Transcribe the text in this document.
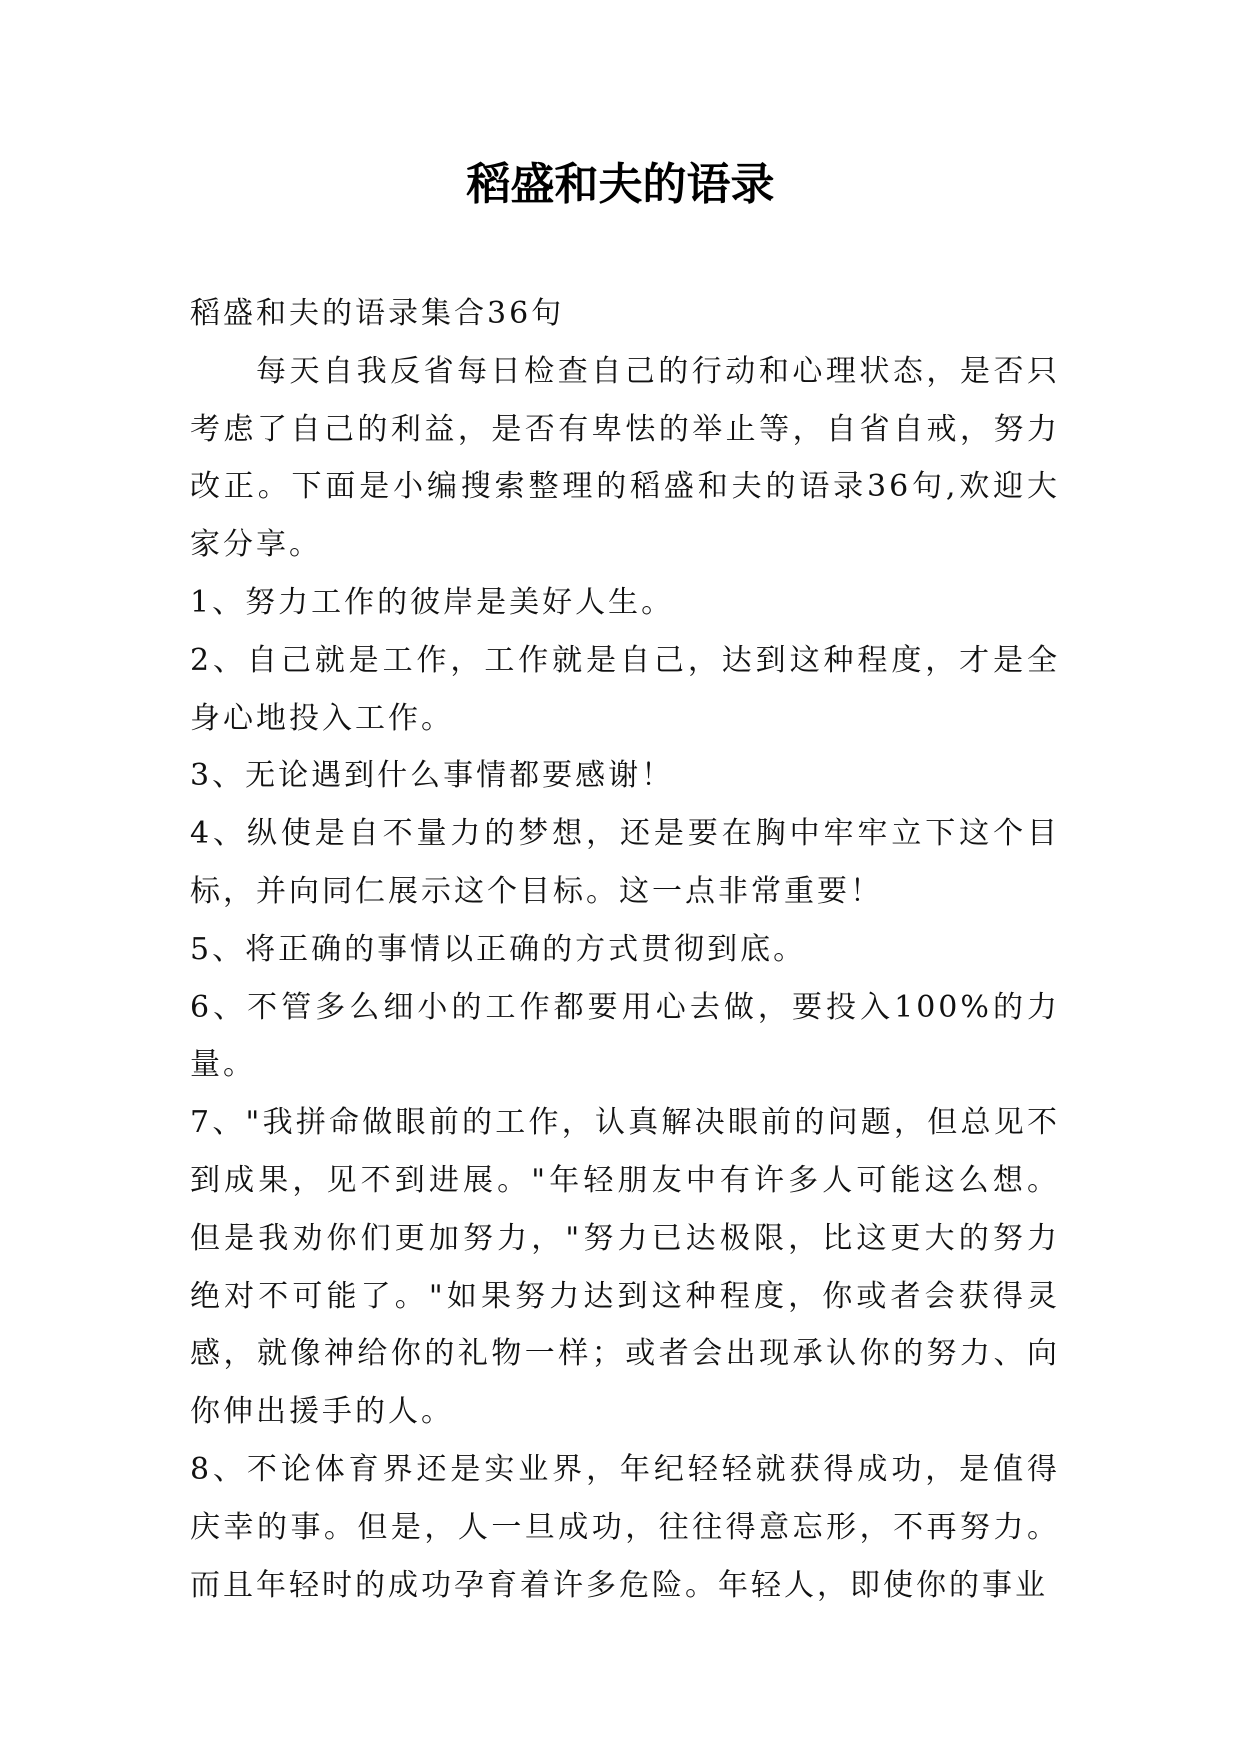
稻盛和夫的语录

稻盛和夫的语录集合36句

每天自我反省每日检查自己的行动和心理状态，是否只考虑了自己的利益，是否有卑怯的举止等，自省自戒，努力改正。下面是小编搜索整理的稻盛和夫的语录36句,欢迎大家分享。

1、努力工作的彼岸是美好人生。

2、自己就是工作，工作就是自己，达到这种程度，才是全身心地投入工作。

3、无论遇到什么事情都要感谢！

4、纵使是自不量力的梦想，还是要在胸中牢牢立下这个目标，并向同仁展示这个目标。这一点非常重要！

5、将正确的事情以正确的方式贯彻到底。

6、不管多么细小的工作都要用心去做，要投入100%的力量。

7、"我拼命做眼前的工作，认真解决眼前的问题，但总见不到成果，见不到进展。"年轻朋友中有许多人可能这么想。但是我劝你们更加努力，"努力已达极限，比这更大的努力绝对不可能了。"如果努力达到这种程度，你或者会获得灵感，就像神给你的礼物一样；或者会出现承认你的努力、向你伸出援手的人。

8、不论体育界还是实业界，年纪轻轻就获得成功，是值得庆幸的事。但是，人一旦成功，往往得意忘形，不再努力。而且年轻时的成功孕育着许多危险。年轻人，即使你的事业
